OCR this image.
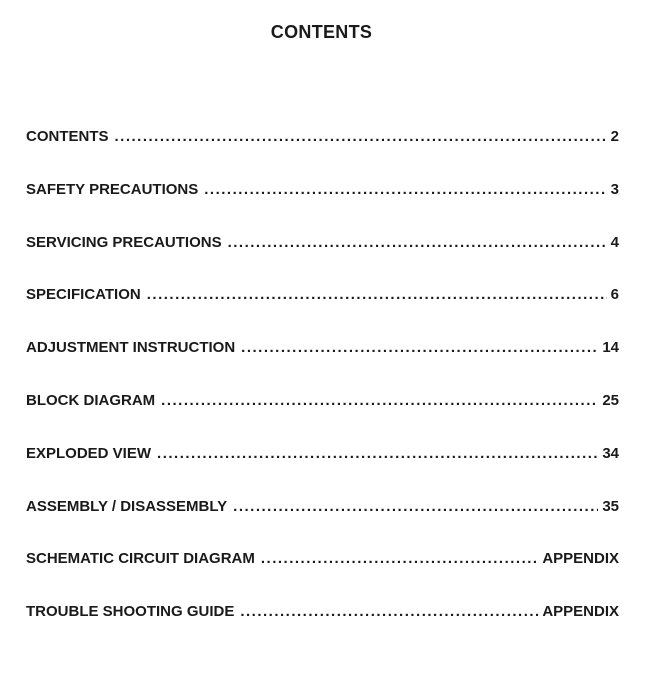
CONTENTS
CONTENTS .....	2
SAFETY PRECAUTIONS .....	3
SERVICING PRECAUTIONS .....	4
SPECIFICATION .....	6
ADJUSTMENT INSTRUCTION .....	14
BLOCK DIAGRAM .....	25
EXPLODED VIEW .....	34
ASSEMBLY / DISASSEMBLY .....	35
SCHEMATIC CIRCUIT DIAGRAM .....	APPENDIX
TROUBLE SHOOTING GUIDE .....	APPENDIX
